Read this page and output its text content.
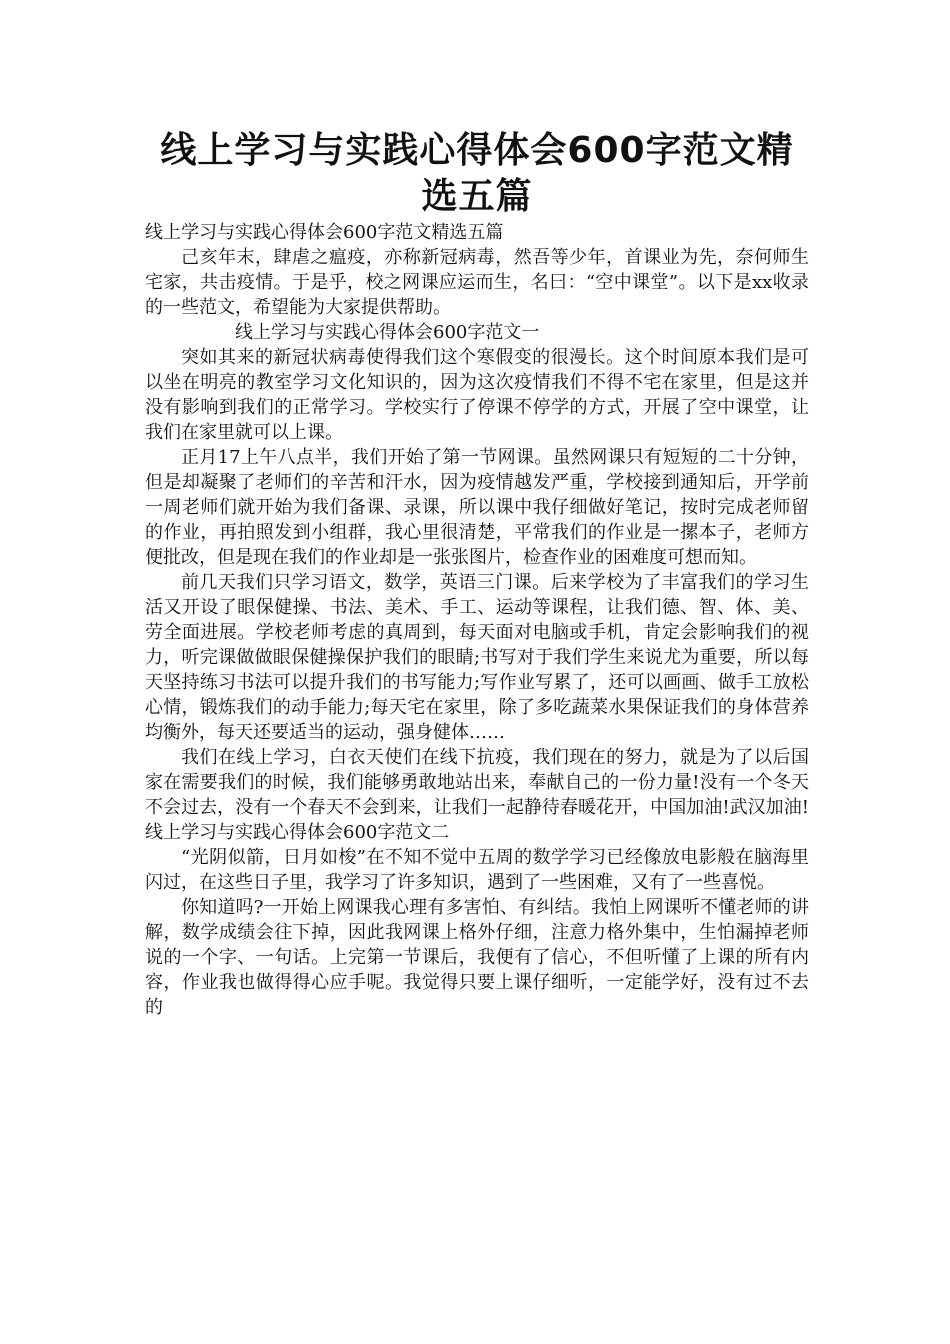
线上学习与实践心得体会600字范文精选五篇

线上学习与实践心得体会600字范文精选五篇

己亥年末，肆虐之瘟疫，亦称新冠病毒，然吾等少年，首课业为先，奈何师生宅家，共击疫情。于是乎，校之网课应运而生，名曰：“空中课堂”。以下是xx收录的一些范文，希望能为大家提供帮助。

线上学习与实践心得体会600字范文一

突如其来的新冠状病毒使得我们这个寒假变的很漫长。这个时间原本我们是可以坐在明亮的教室学习文化知识的，因为这次疫情我们不得不宅在家里，但是这并没有影响到我们的正常学习。学校实行了停课不停学的方式，开展了空中课堂，让我们在家里就可以上课。

正月17上午八点半，我们开始了第一节网课。虽然网课只有短短的二十分钟，但是却凝聚了老师们的辛苦和汗水，因为疫情越发严重，学校接到通知后，开学前一周老师们就开始为我们备课、录课，所以课中我仔细做好笔记，按时完成老师留的作业，再拍照发到小组群，我心里很清楚，平常我们的作业是一摞本子，老师方便批改，但是现在我们的作业却是一张张图片，检查作业的困难度可想而知。

前几天我们只学习语文，数学，英语三门课。后来学校为了丰富我们的学习生活又开设了眼保健操、书法、美术、手工、运动等课程，让我们德、智、体、美、劳全面进展。学校老师考虑的真周到，每天面对电脑或手机，肯定会影响我们的视力，听完课做做眼保健操保护我们的眼睛;书写对于我们学生来说尤为重要，所以每天坚持练习书法可以提升我们的书写能力;写作业写累了，还可以画画、做手工放松心情，锻炼我们的动手能力;每天宅在家里，除了多吃蔬菜水果保证我们的身体营养均衡外，每天还要适当的运动，强身健体……

我们在线上学习，白衣天使们在线下抗疫，我们现在的努力，就是为了以后国家在需要我们的时候，我们能够勇敢地站出来，奉献自己的一份力量!没有一个冬天不会过去，没有一个春天不会到来，让我们一起静待春暖花开，中国加油!武汉加油!　　线上学习与实践心得体会600字范文二

“光阴似箭，日月如梭”在不知不觉中五周的数学学习已经像放电影般在脑海里闪过，在这些日子里，我学习了许多知识，遇到了一些困难，又有了一些喜悦。

你知道吗?一开始上网课我心理有多害怕、有纠结。我怕上网课听不懂老师的讲解，数学成绩会往下掉，因此我网课上格外仔细，注意力格外集中，生怕漏掉老师说的一个字、一句话。上完第一节课后，我便有了信心，不但听懂了上课的所有内容，作业我也做得得心应手呢。我觉得只要上课仔细听，一定能学好，没有过不去的
